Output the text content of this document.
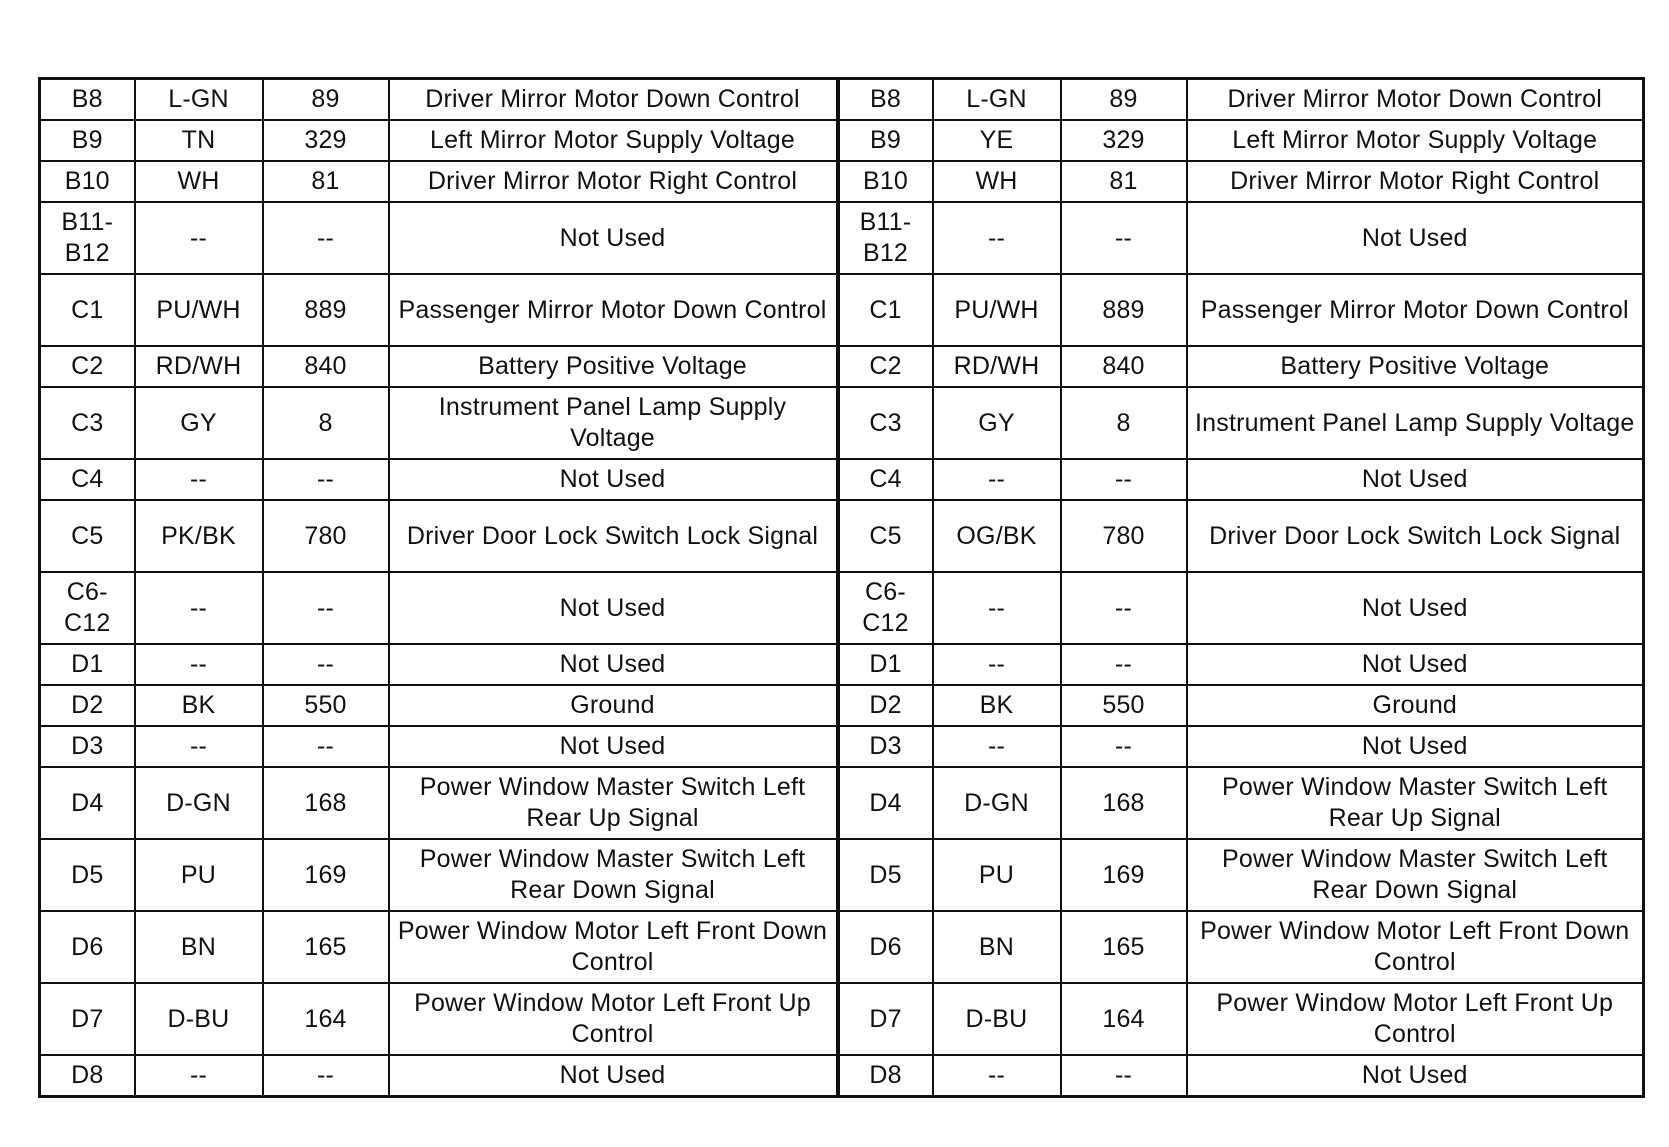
B8	L-GN	89	Driver Mirror Motor Down Control	B8	L-GN	89	Driver Mirror Motor Down Control
B9	TN	329	Left Mirror Motor Supply Voltage	B9	YE	329	Left Mirror Motor Supply Voltage
B10	WH	81	Driver Mirror Motor Right Control	B10	WH	81	Driver Mirror Motor Right Control
B11-B12	--	--	Not Used	B11-B12	--	--	Not Used
C1	PU/WH	889	Passenger Mirror Motor Down Control	C1	PU/WH	889	Passenger Mirror Motor Down Control
C2	RD/WH	840	Battery Positive Voltage	C2	RD/WH	840	Battery Positive Voltage
C3	GY	8	Instrument Panel Lamp Supply Voltage	C3	GY	8	Instrument Panel Lamp Supply Voltage
C4	--	--	Not Used	C4	--	--	Not Used
C5	PK/BK	780	Driver Door Lock Switch Lock Signal	C5	OG/BK	780	Driver Door Lock Switch Lock Signal
C6-C12	--	--	Not Used	C6-C12	--	--	Not Used
D1	--	--	Not Used	D1	--	--	Not Used
D2	BK	550	Ground	D2	BK	550	Ground
D3	--	--	Not Used	D3	--	--	Not Used
D4	D-GN	168	Power Window Master Switch Left Rear Up Signal	D4	D-GN	168	Power Window Master Switch Left Rear Up Signal
D5	PU	169	Power Window Master Switch Left Rear Down Signal	D5	PU	169	Power Window Master Switch Left Rear Down Signal
D6	BN	165	Power Window Motor Left Front Down Control	D6	BN	165	Power Window Motor Left Front Down Control
D7	D-BU	164	Power Window Motor Left Front Up Control	D7	D-BU	164	Power Window Motor Left Front Up Control
D8	--	--	Not Used	D8	--	--	Not Used
